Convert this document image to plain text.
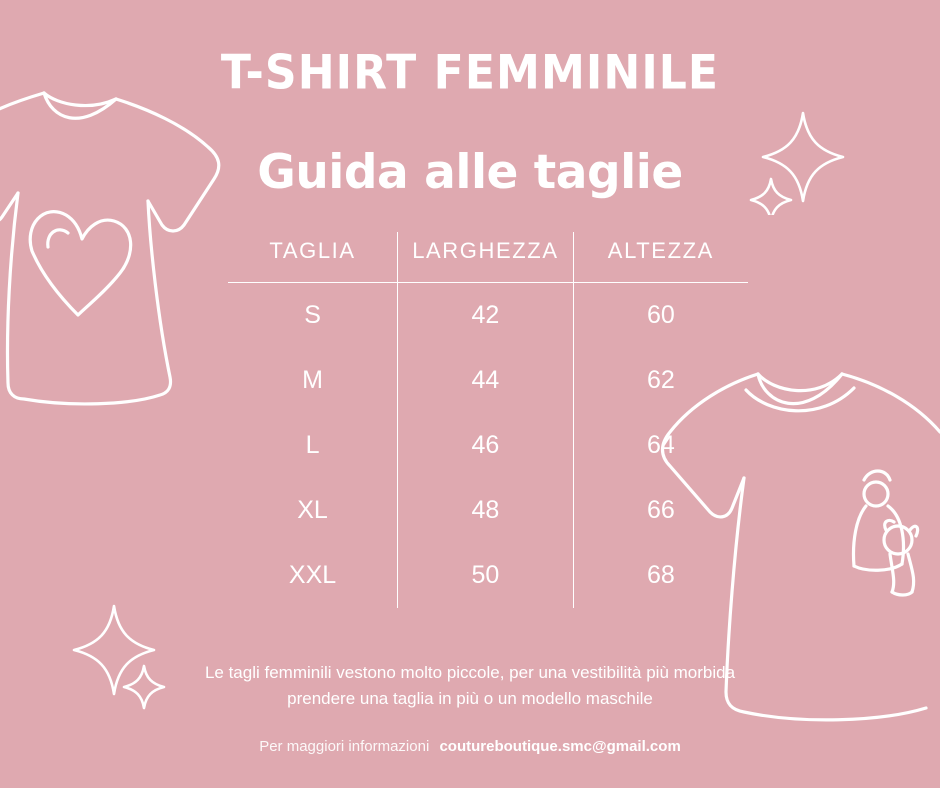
T-SHIRT FEMMINILE
Guida alle taglie
TAGLIA	LARGHEZZA	ALTEZZA
S	42	60
M	44	62
L	46	64
XL	48	66
XXL	50	68
Le tagli femminili vestono molto piccole, per una vestibilità più morbida prendere una taglia in più o un modello maschile
Per maggiori informazioni coutureboutique.smc@gmail.com
